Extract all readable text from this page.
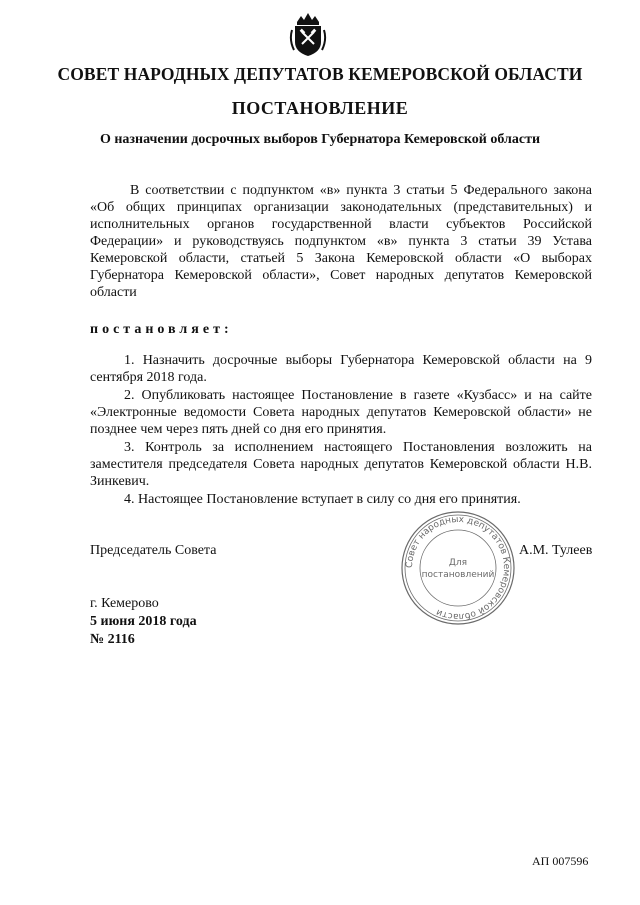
СОВЕТ НАРОДНЫХ ДЕПУТАТОВ КЕМЕРОВСКОЙ ОБЛАСТИ
ПОСТАНОВЛЕНИЕ
О назначении досрочных выборов Губернатора Кемеровской области

В соответствии с подпунктом «в» пункта 3 статьи 5 Федерального закона «Об общих принципах организации законодательных (представительных) и исполнительных органов государственной власти субъектов Российской Федерации» и руководствуясь подпунктом «в» пункта 3 статьи 39 Устава Кемеровской области, статьей 5 Закона Кемеровской области «О выборах Губернатора Кемеровской области», Совет народных депутатов Кемеровской области

постановляет:

1. Назначить досрочные выборы Губернатора Кемеровской области на 9 сентября 2018 года.

2. Опубликовать настоящее Постановление в газете «Кузбасс» и на сайте «Электронные ведомости Совета народных депутатов Кемеровской области» не позднее чем через пять дней со дня его принятия.

3. Контроль за исполнением настоящего Постановления возложить на заместителя председателя Совета народных депутатов Кемеровской области Н.В. Зинкевич.

4. Настоящее Постановление вступает в силу со дня его принятия.

Председатель Совета
Совет народных депутатов Кемеровской области
Для
постановлений
А.М. Тулеев
г. Кемерово
5 июня 2018 года
№ 2116
АП 007596
